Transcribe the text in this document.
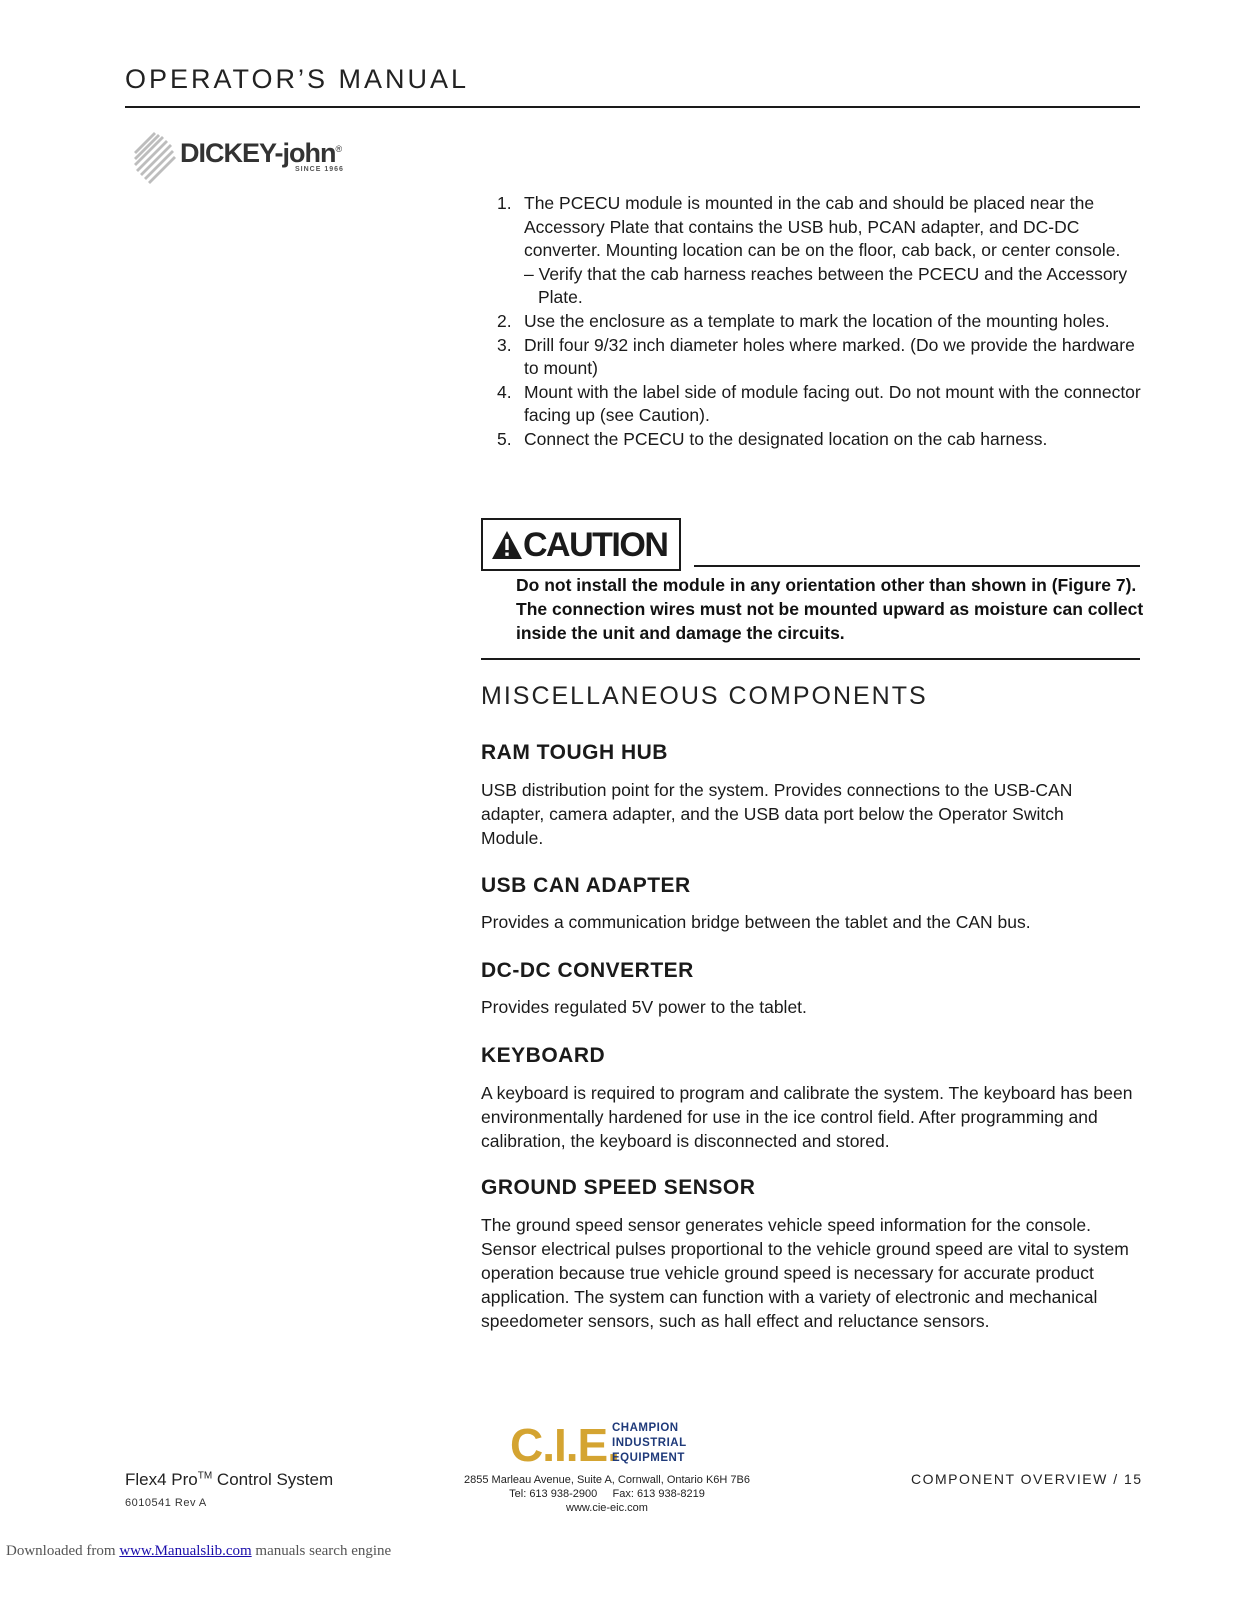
OPERATOR’S MANUAL
DICKEY-john®
SINCE 1966
1. The PCECU module is mounted in the cab and should be placed near the Accessory Plate that contains the USB hub, PCAN adapter, and DC-DC converter. Mounting location can be on the floor, cab back, or center console.
– Verify that the cab harness reaches between the PCECU and the Accessory Plate.
2. Use the enclosure as a template to mark the location of the mounting holes.
3. Drill four 9/32 inch diameter holes where marked. (Do we provide the hardware to mount)
4. Mount with the label side of module facing out. Do not mount with the connector facing up (see Caution).
5. Connect the PCECU to the designated location on the cab harness.
CAUTION
Do not install the module in any orientation other than shown in (Figure 7). The connection wires must not be mounted upward as moisture can collect inside the unit and damage the circuits.
MISCELLANEOUS COMPONENTS
RAM TOUGH HUB
USB distribution point for the system. Provides connections to the USB-CAN adapter, camera adapter, and the USB data port below the Operator Switch Module.
USB CAN ADAPTER
Provides a communication bridge between the tablet and the CAN bus.
DC-DC CONVERTER
Provides regulated 5V power to the tablet.
KEYBOARD
A keyboard is required to program and calibrate the system. The keyboard has been environmentally hardened for use in the ice control field. After programming and calibration, the keyboard is disconnected and stored.
GROUND SPEED SENSOR
The ground speed sensor generates vehicle speed information for the console. Sensor electrical pulses proportional to the vehicle ground speed are vital to system operation because true vehicle ground speed is necessary for accurate product application. The system can function with a variety of electronic and mechanical speedometer sensors, such as hall effect and reluctance sensors.
Flex4 Pro™ Control System
6010541 Rev A
C.I.E.
CHAMPION
INDUSTRIAL
EQUIPMENT
2855 Marleau Avenue, Suite A, Cornwall, Ontario K6H 7B6
Tel: 613 938-2900     Fax: 613 938-8219
www.cie-eic.com
COMPONENT OVERVIEW / 15
Downloaded from www.Manualslib.com manuals search engine
